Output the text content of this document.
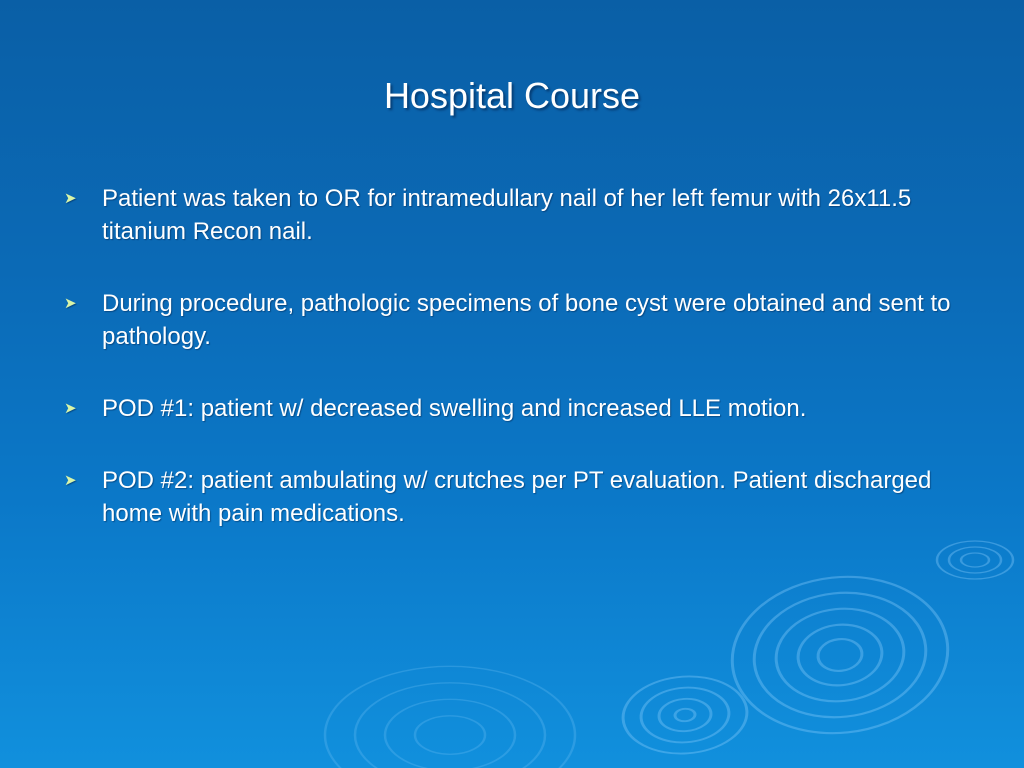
Hospital Course
➤	Patient was taken to OR for intramedullary nail of her left femur with 26x11.5 titanium Recon nail.
➤	During procedure, pathologic specimens of bone cyst were obtained and sent to pathology.
➤	POD #1: patient w/ decreased swelling and increased LLE motion.
➤	POD #2: patient ambulating w/ crutches per PT evaluation. Patient discharged home with pain medications.
